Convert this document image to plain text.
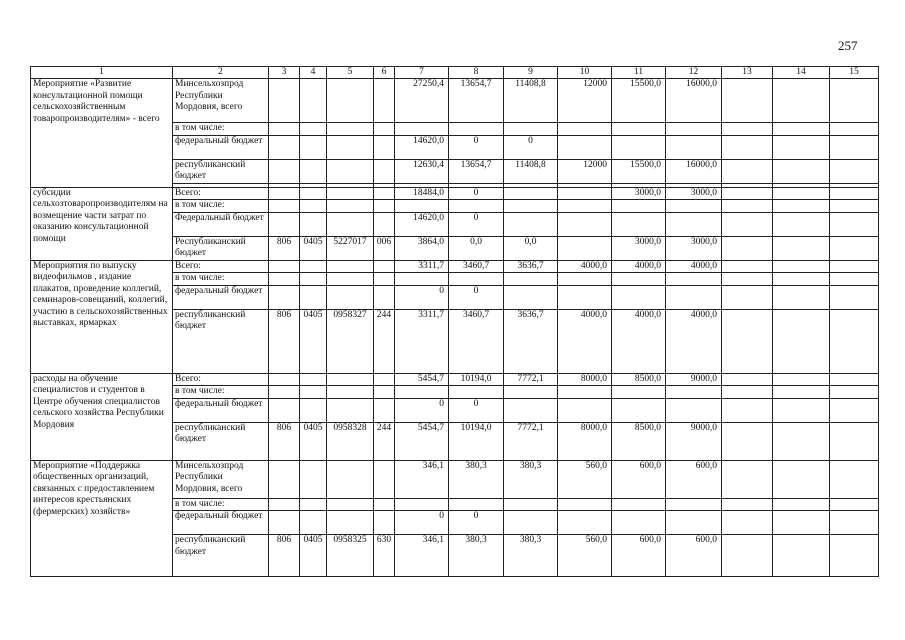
257
1	2	3	4	5	6	7	8	9	10	11	12	13	14	15
Мероприятие «Развитие консультационной помощи сельскохозяйственным товаропроизводителям» - всего	Минсельхозпрод Республики Мордовия, всего					27250,4	13654,7	11408,8	12000	15500,0	16000,0			
	в том числе:													
	федеральный бюджет					14620,0	0	0						
	республиканский бюджет					12630,4	13654,7	11408,8	12000	15500,0	16000,0			

субсидии сельхозтоваропроизводителям на возмещение части затрат по оказанию консультационной помощи	Всего:					18484,0	0			3000,0	3000,0			
	в том числе:													
	Федеральный бюджет					14620,0	0							
	Республиканский бюджет	806	0405	5227017	006	3864,0	0,0	0,0		3000,0	3000,0			
Мероприятия по выпуску видеофильмов , издание плакатов, проведение коллегий, семинаров-совещаний, коллегий, участию в сельскохозяйственных выставках, ярмарках	Всего:					3311,7	3460,7	3636,7	4000,0	4000,0	4000,0			
	в том числе:													
	федеральный бюджет					0	0							
	республиканский бюджет	806	0405	0958327	244	3311,7	3460,7	3636,7	4000,0	4000,0	4000,0			
расходы на обучение специалистов и студентов в Центре обучения специалистов сельского хозяйства Республики Мордовия	Всего:					5454,7	10194,0	7772,1	8000,0	8500,0	9000,0			
	в том числе:													
	федеральный бюджет					0	0							
	республиканский бюджет	806	0405	0958328	244	5454,7	10194,0	7772,1	8000,0	8500,0	9000,0			
Мероприятие «Поддержка общественных организаций, связанных с предоставлением интересов крестьянских (фермерских) хозяйств»	Минсельхозпрод Республики Мордовия, всего					346,1	380,3	380,3	560,0	600,0	600,0			
	в том числе:													
	федеральный бюджет					0	0							
	республиканский бюджет	806	0405	0958325	630	346,1	380,3	380,3	560,0	600,0	600,0			
